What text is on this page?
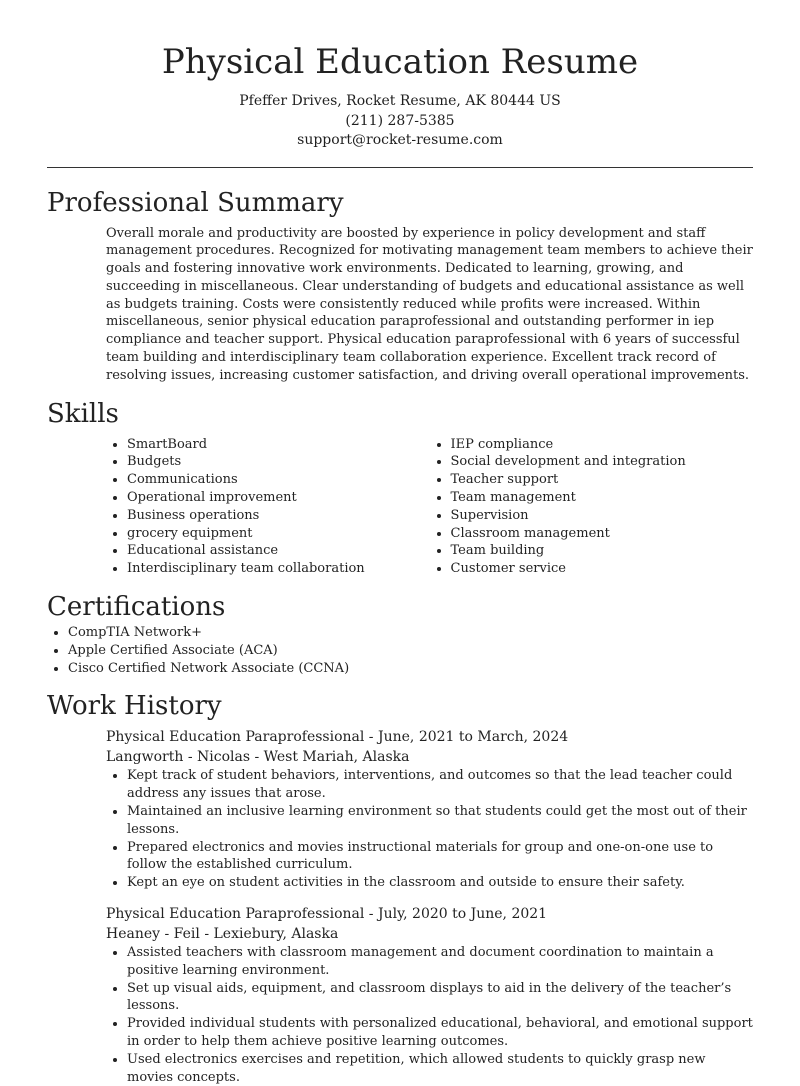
Physical Education Resume
Pfeffer Drives, Rocket Resume, AK 80444 US
(211) 287-5385
support@rocket-resume.com
Professional Summary

Overall morale and productivity are boosted by experience in policy development and staff management procedures. Recognized for motivating management team members to achieve their goals and fostering innovative work environments. Dedicated to learning, growing, and succeeding in miscellaneous. Clear understanding of budgets and educational assistance as well as budgets training. Costs were consistently reduced while profits were increased. Within miscellaneous, senior physical education paraprofessional and outstanding performer in iep compliance and teacher support. Physical education paraprofessional with 6 years of successful team building and interdisciplinary team collaboration experience. Excellent track record of resolving issues, increasing customer satisfaction, and driving overall operational improvements.

Skills
• SmartBoard
• Budgets
• Communications
• Operational improvement
• Business operations
• grocery equipment
• Educational assistance
• Interdisciplinary team collaboration
• IEP compliance
• Social development and integration
• Teacher support
• Team management
• Supervision
• Classroom management
• Team building
• Customer service
Certifications
• CompTIA Network+
• Apple Certified Associate (ACA)
• Cisco Certified Network Associate (CCNA)
Work History
Physical Education Paraprofessional - June, 2021 to March, 2024
Langworth - Nicolas - West Mariah, Alaska
• Kept track of student behaviors, interventions, and outcomes so that the lead teacher could address any issues that arose.
• Maintained an inclusive learning environment so that students could get the most out of their lessons.
• Prepared electronics and movies instructional materials for group and one-on-one use to follow the established curriculum.
• Kept an eye on student activities in the classroom and outside to ensure their safety.
Physical Education Paraprofessional - July, 2020 to June, 2021
Heaney - Feil - Lexiebury, Alaska
• Assisted teachers with classroom management and document coordination to maintain a positive learning environment.
• Set up visual aids, equipment, and classroom displays to aid in the delivery of the teacher’s lessons.
• Provided individual students with personalized educational, behavioral, and emotional support in order to help them achieve positive learning outcomes.
• Used electronics exercises and repetition, which allowed students to quickly grasp new movies concepts.
